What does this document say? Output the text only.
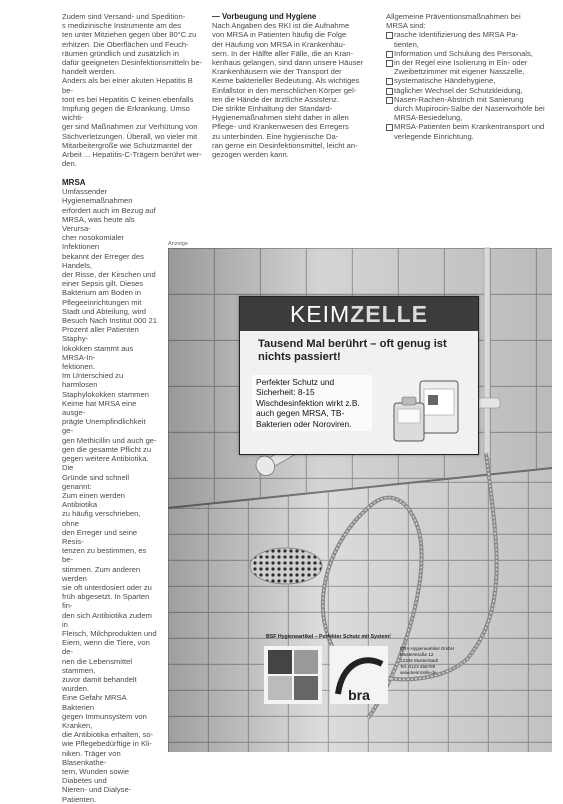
Zudem sind Versand- und Spedition-

s medizinische Instrumente am des

ten unter Mitziehen gegen über 80°C zu

erhitzen. Die Oberflächen und Feuch-

räumen gründlich und zusätzlich in

dafür geeigneten Desinfektionsmitteln be-

handelt werden.

Anders als bei einer akuten Hepatitis B be-

tont es bei Hepatitis C keinen ebenfalls

Impfung gegen die Erkrankung. Umso wichti-

ger sind Maßnahmen zur Verhütung von

Stichverletzungen. Überall, wo vieler mit

Mitarbeitergroße wie Schutzmantel der

Arbeit ... Hepatitis-C-Trägern berührt wer-

den.

MRSA

Umfassender Hygienemaßnahmen

erfordert auch im Bezug auf

MRSA, was heute als Verursa-

cher nosokomialer Infektionen

bekannt der Erreger des Handels,

der Risse, der Kirschen und

einer Sepsis gilt. Dieses

Bakterium am Boden in

Pflegeeinrichtungen mit

Stadt und Abteilung, wird

Besuch Nach Institut 000 21

Prozent aller Patienten Staphy-

lokokken stammt aus MRSA-In-

fektionen.

Im Unterschied zu harmlosen

Staphylokokken stammen

Keime hat MRSA eine ausge-

prägte Unempfindlichkeit ge-

gen Methicillin und auch ge-

gen die gesamte Pflicht zu

gegen weitere Antibiotika. Die

Gründe sind schnell genannt:

Zum einen werden Antibiotika

zu häufig verschrieben, ohne

den Erreger und seine Resis-

tenzen zu bestimmen, es be-

stimmen. Zum anderen werden

sie oft unterdosiert oder zu

früh abgesetzt. In Sparten fin-

den sich Antibiotika zudem in

Fleisch, Milchprodukten und

Eiern, wenn die Tiere, von de-

nen die Lebensmittel stammen,

zuvor damit behandelt wurden.

Eine Gefahr MRSA Bakterien

gegen Immunsystem von Kranken,

die Antibiotika erhalten, so-

wie Pflegebedürftige in Kli-

niken. Träger von Blasenkathe-

tern, Wunden sowie Diabetes und

Nieren- und Dialyse-Patienten.

— Vorbeugung und Hygiene

Nach Angaben des RKI ist die Aufnahme

von MRSA in Patienten häufig die Folge

der Häufung von MRSA in Krankenhäu-

sern. In der Hälfte aller Fälle, die an Kran-

kenhaus gelangen, sind dann unsere Häuser

Krankenhäusern wie der Transport der

Keime bakterieller Bedeutung. Als wichtiges

Einfallstor in den menschlichen Körper gel-

ten die Hände der ärztliche Assistenz.

Die strikte Einhaltung der Standard-

Hygienemaßnahmen steht daher in allen

Pflege- und Krankenwesen des Erregers

zu unterbinden. Eine hygienische Da-

ran gerne ein Desinfektionsmittel, leicht an-

gezogen werden kann.

Allgemeine Präventionsmaßnahmen bei

MRSA sind:

rasche Identifizierung des MRSA Pa-
tienten,

Information und Schulung des Personals,

in der Regel eine Isolierung in Ein- oder
Zweibettzimmer mit eigener Nasszelle,

systematische Händehygiene,

täglicher Wechsel der Schutzkleidung,

Nasen-Rachen-Abstrich mit Sanierung
durch Mupirocin-Salbe der Nasenvorhöfe bei
MRSA-Besiedelung,

MRSA-Patienten beim Krankentransport und
verlegende Einrichtung.

Anzeige
KEIMZELLE
Tausend Mal berührt – oft genug ist nichts passiert!
Perfekter Schutz und Sicherheit: 8-15 Wischdesinfektion wirkt z.B. auch gegen MRSA, TB-Bakterien oder Noroviren.
BSF Hygieneartikel – Perfekter Schutz mit System!
bra

BRA Hygieneartikel GmbH

Musterstraße 12

12345 Musterstadt

Tel. 0123 456789

www.keimzelle.de
